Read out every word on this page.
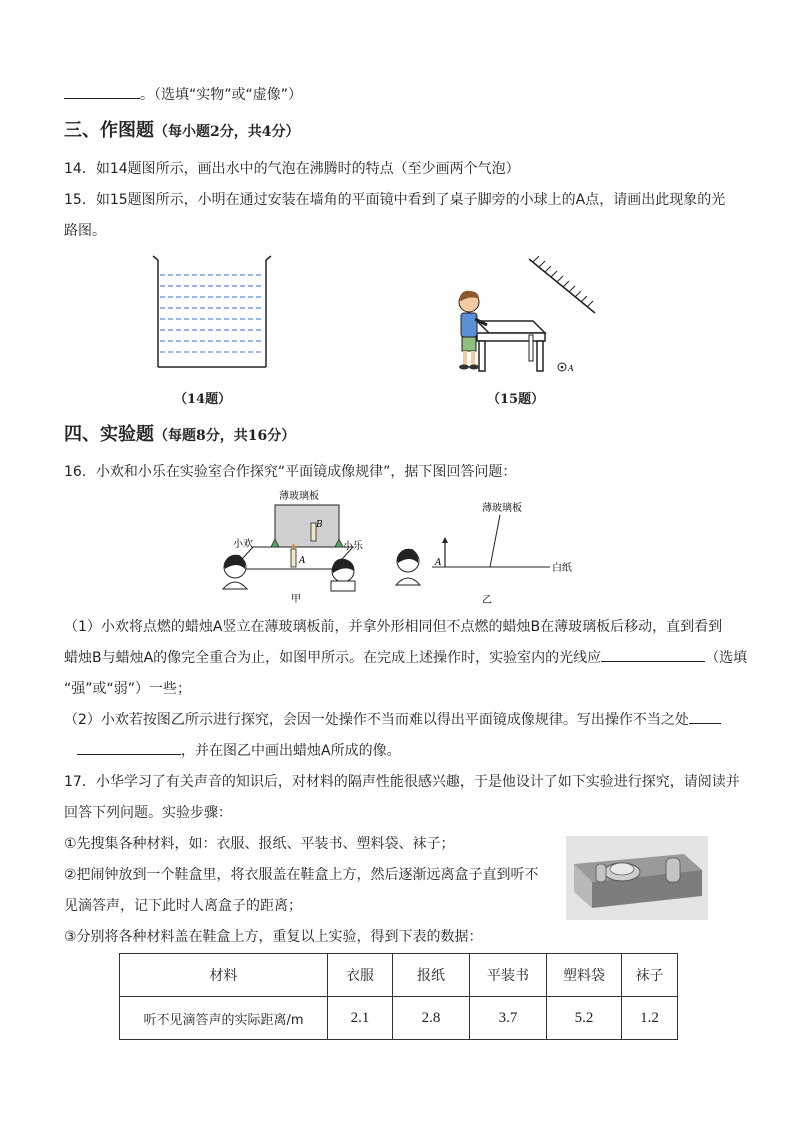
。（选填“实物”或“虚像”）
三、作图题（每小题2分，共4分）
14．如14题图所示，画出水中的气泡在沸腾时的特点（至少画两个气泡）
15．如15题图所示，小明在通过安装在墙角的平面镜中看到了桌子脚旁的小球上的A点，请画出此现象的光
路图。
（14题）
A
（15题）
四、实验题（每题8分，共16分）
16．小欢和小乐在实验室合作探究“平面镜成像规律”，据下图回答问题：
薄玻璃板
B
A
小欢	小乐
甲
薄玻璃板
A	白纸
乙
（1）小欢将点燃的蜡烛A竖立在薄玻璃板前，并拿外形相同但不点燃的蜡烛B在薄玻璃板后移动，直到看到
蜡烛B与蜡烛A的像完全重合为止，如图甲所示。在完成上述操作时，实验室内的光线应	（选填
“强”或“弱”）一些；
（2）小欢若按图乙所示进行探究，会因一处操作不当而难以得出平面镜成像规律。写出操作不当之处
，并在图乙中画出蜡烛A所成的像。
17．小华学习了有关声音的知识后，对材料的隔声性能很感兴趣，于是他设计了如下实验进行探究，请阅读并
回答下列问题。实验步骤：
①先搜集各种材料，如：衣服、报纸、平装书、塑料袋、袜子；
②把闹钟放到一个鞋盒里，将衣服盖在鞋盒上方，然后逐渐远离盒子直到听不
见滴答声，记下此时人离盒子的距离；
③分别将各种材料盖在鞋盒上方，重复以上实验，得到下表的数据：
材料	衣服	报纸	平装书	塑料袋	袜子
听不见滴答声的实际距离/m	2.1	2.8	3.7	5.2	1.2
